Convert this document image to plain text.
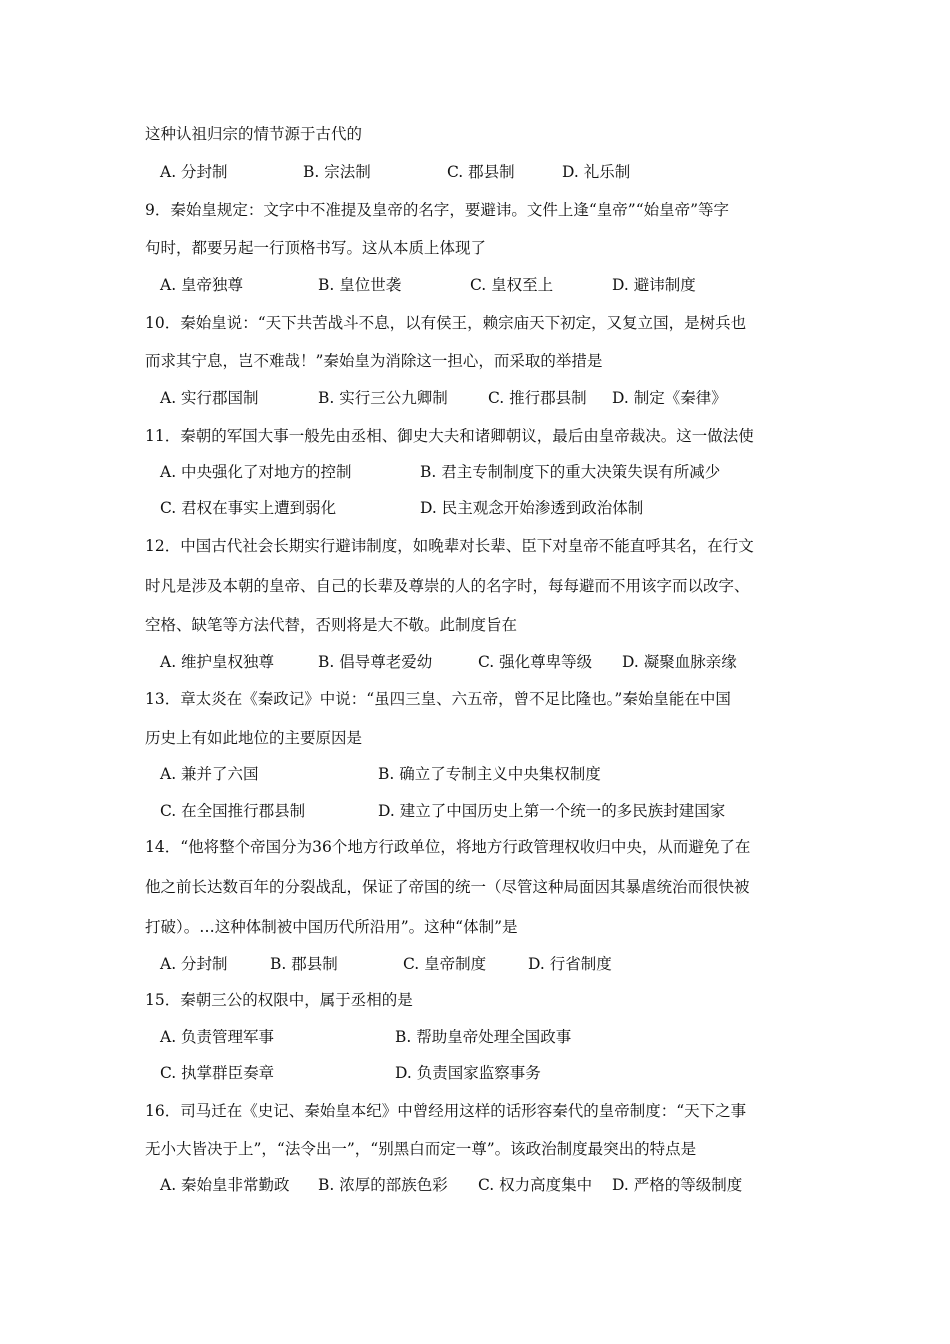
这种认祖归宗的情节源于古代的
A. 分封制	B. 宗法制	C. 郡县制	D. 礼乐制
9．秦始皇规定：文字中不准提及皇帝的名字，要避讳。文件上逢“皇帝”“始皇帝”等字
句时，都要另起一行顶格书写。这从本质上体现了
A. 皇帝独尊	B. 皇位世袭	C. 皇权至上	D. 避讳制度
10．秦始皇说：“天下共苦战斗不息，以有侯王，赖宗庙天下初定，又复立国，是树兵也
而求其宁息，岂不难哉！”秦始皇为消除这一担心，而采取的举措是
A. 实行郡国制	B. 实行三公九卿制	C. 推行郡县制 D. 制定《秦律》
11．秦朝的军国大事一般先由丞相、御史大夫和诸卿朝议，最后由皇帝裁决。这一做法使
A. 中央强化了对地方的控制	B. 君主专制制度下的重大决策失误有所减少
C. 君权在事实上遭到弱化	D. 民主观念开始渗透到政治体制
12．中国古代社会长期实行避讳制度，如晚辈对长辈、臣下对皇帝不能直呼其名，在行文
时凡是涉及本朝的皇帝、自己的长辈及尊崇的人的名字时，每每避而不用该字而以改字、
空格、缺笔等方法代替，否则将是大不敬。此制度旨在
A. 维护皇权独尊	B. 倡导尊老爱幼	C. 强化尊卑等级 D. 凝聚血脉亲缘
13．章太炎在《秦政记》中说：“虽四三皇、六五帝，曾不足比隆也。”秦始皇能在中国
历史上有如此地位的主要原因是
A. 兼并了六国	B. 确立了专制主义中央集权制度
C. 在全国推行郡县制	D. 建立了中国历史上第一个统一的多民族封建国家
14．“他将整个帝国分为36个地方行政单位，将地方行政管理权收归中央，从而避免了在
他之前长达数百年的分裂战乱，保证了帝国的统一（尽管这种局面因其暴虐统治而很快被
打破）。…这种体制被中国历代所沿用”。这种“体制”是
A. 分封制	B. 郡县制	C. 皇帝制度	D. 行省制度
15．秦朝三公的权限中，属于丞相的是
A. 负责管理军事	B. 帮助皇帝处理全国政事
C. 执掌群臣奏章	D. 负责国家监察事务
16．司马迁在《史记、秦始皇本纪》中曾经用这样的话形容秦代的皇帝制度：“天下之事
无小大皆决于上”，“法令出一”，“别黑白而定一尊”。该政治制度最突出的特点是
A. 秦始皇非常勤政 B. 浓厚的部族色彩 C. 权力高度集中 D. 严格的等级制度
